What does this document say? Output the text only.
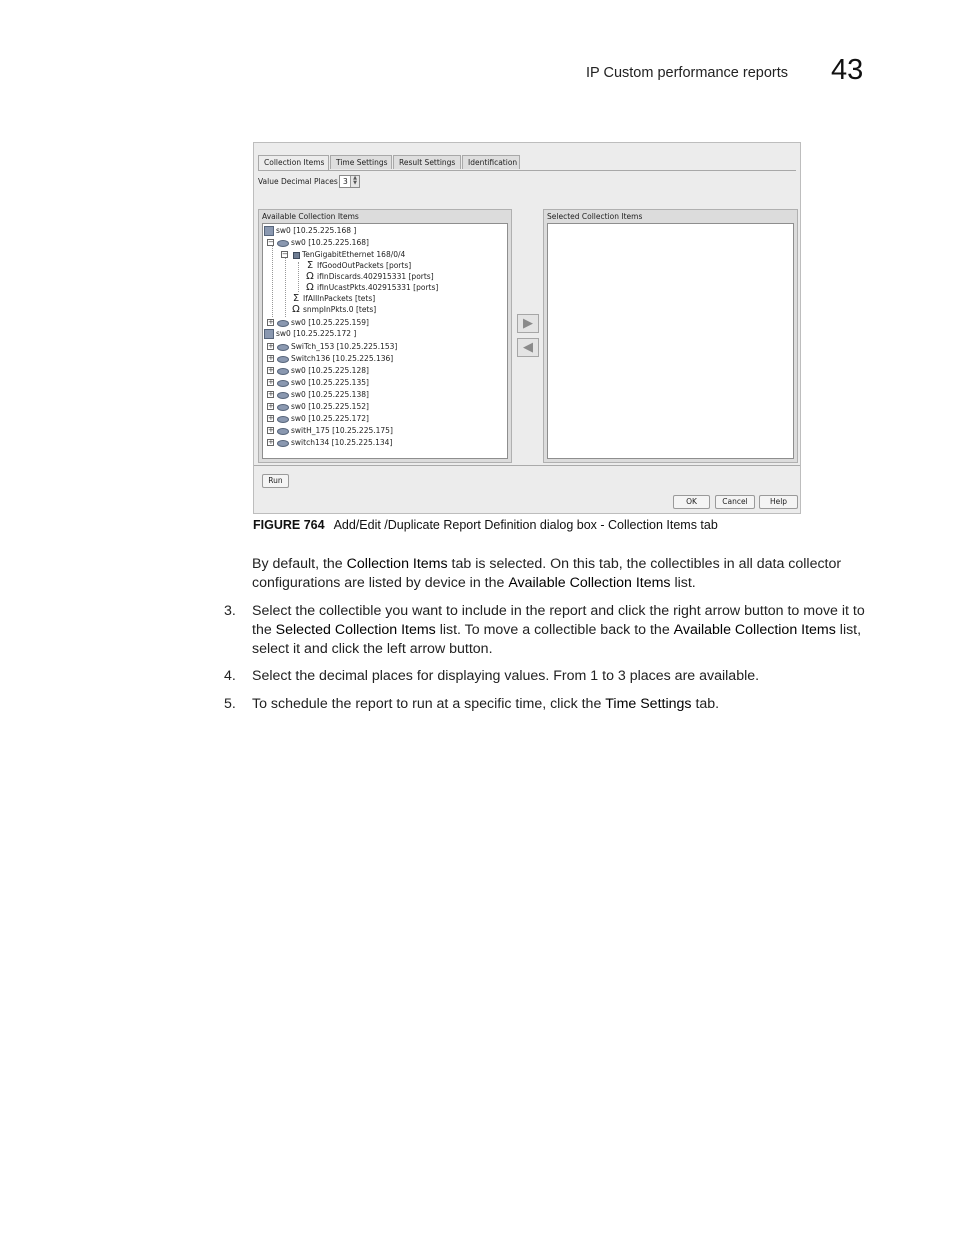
IP Custom performance reports 43
Collection Items	Time Settings	Result Settings	Identification
Value Decimal Places 3	▲
▼
Available Collection Items
sw0 [10.25.225.168 ]
−	sw0 [10.25.225.168]
−	TenGigabitEthernet 168/0/4
Σ IfGoodOutPackets [ports]
Ω ifInDiscards.402915331 [ports]
Ω ifInUcastPkts.402915331 [ports]
Σ IfAllInPackets [tets]
Ω snmpInPkts.0 [tets]
+	sw0 [10.25.225.159]
sw0 [10.25.225.172 ]
+	SwiTch_153 [10.25.225.153]
+	Switch136 [10.25.225.136]
+	sw0 [10.25.225.128]
+	sw0 [10.25.225.135]
+	sw0 [10.25.225.138]
+	sw0 [10.25.225.152]
+	sw0 [10.25.225.172]
+	switH_175 [10.25.225.175]
+	switch134 [10.25.225.134]
▶
◀
Selected Collection Items
Run
OK	Cancel	Help
FIGURE 764 Add/Edit /Duplicate Report Definition dialog box - Collection Items tab
By default, the Collection Items tab is selected. On this tab, the collectibles in all data collector configurations are listed by device in the Available Collection Items list.
3. Select the collectible you want to include in the report and click the right arrow button to move it to the Selected Collection Items list. To move a collectible back to the Available Collection Items list, select it and click the left arrow button.
4. Select the decimal places for displaying values. From 1 to 3 places are available.
5. To schedule the report to run at a specific time, click the Time Settings tab.
